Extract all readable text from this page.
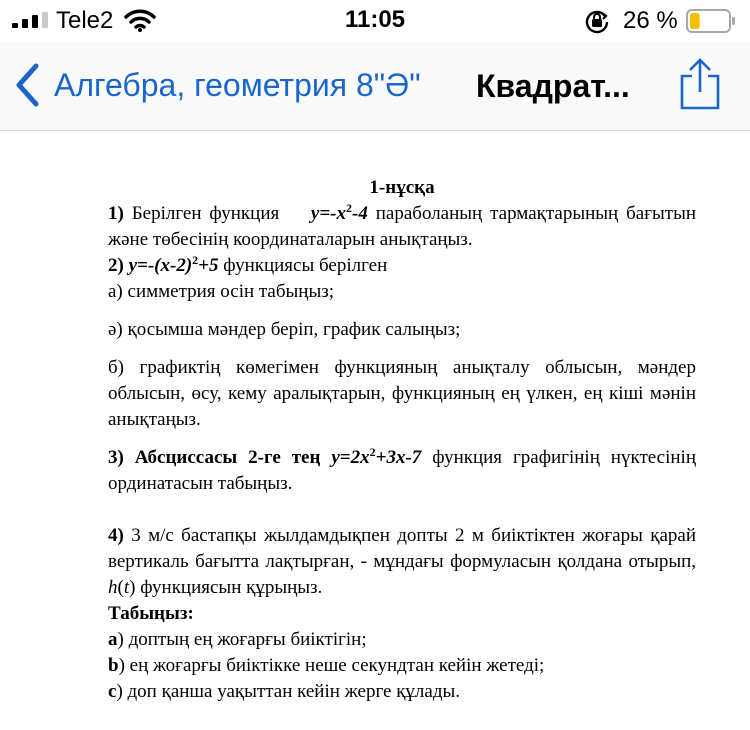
Tele2	11:05	26 %
Алгебра, геометрия 8"Ә" Квадрат...

1-нұсқа

1) Берілген функция $y=-x^2-4$ параболаның тармақтарының бағытын және төбесінің координаталарын анықтаңыз.

2) $y=-(x-2)^2+5$ функциясы берілген

а) симметрия осін табыңыз;

ә) қосымша мәндер беріп, график салыңыз;

б) графиктің көмегімен функцияның анықталу облысын, мәндер облысын, өсу, кему аралықтарын, функцияның ең үлкен, ең кіші мәнін анықтаңыз.

3) Абсциссасы 2-ге тең $y=2x^2+3x-7$ функция графигінің нүктесінің ординатасын табыңыз.

4) 3 м/с бастапқы жылдамдықпен допты 2 м биіктіктен жоғары қарай вертикаль бағытта лақтырған, - мұндағы формуласын қолдана отырып, h(t) функциясын құрыңыз.

Табыңыз:

а) доптың ең жоғарғы биіктігін;

b) ең жоғарғы биіктікке неше секундтан кейін жетеді;

c) доп қанша уақыттан кейін жерге құлады.
